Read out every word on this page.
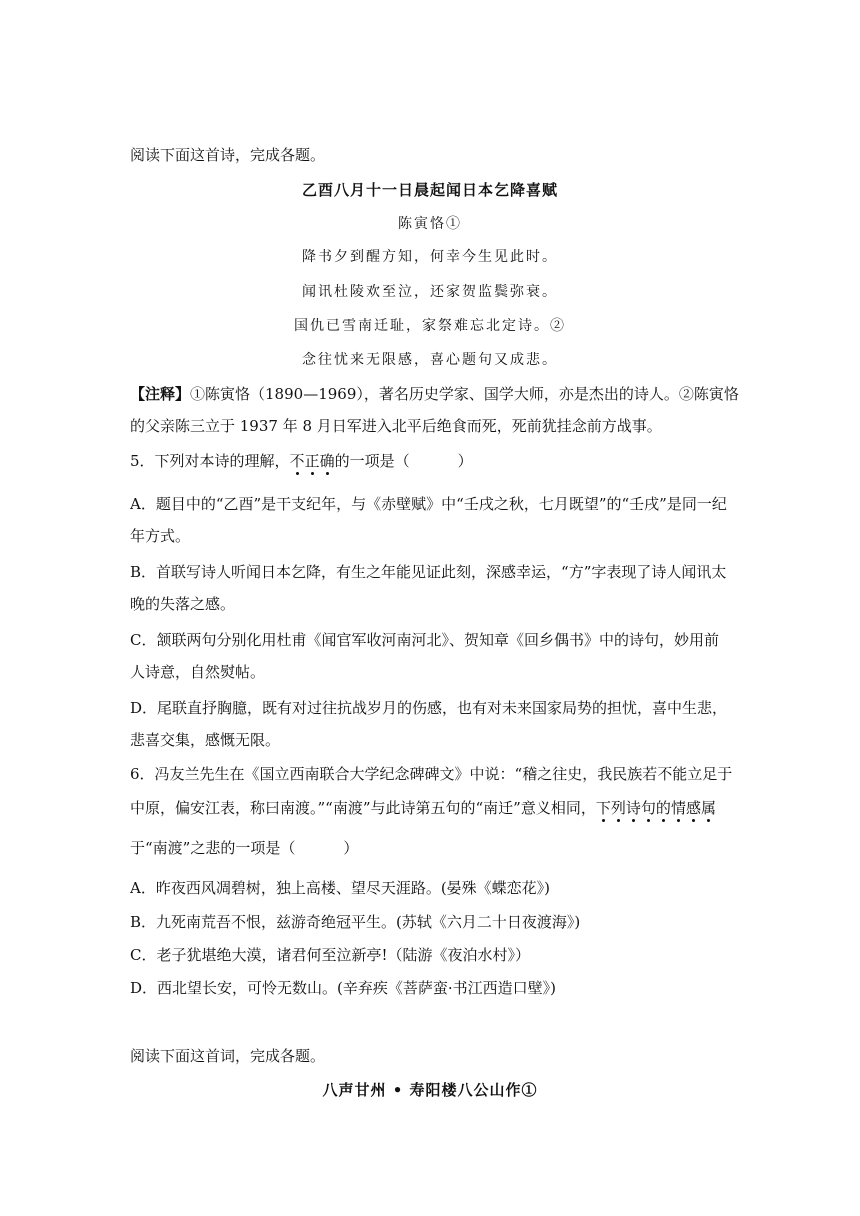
阅读下面这首诗，完成各题。
乙酉八月十一日晨起闻日本乞降喜赋
陈寅恪①
降书夕到醒方知，何幸今生见此时。
闻讯杜陵欢至泣，还家贺监鬓弥衰。
国仇已雪南迁耻，家祭难忘北定诗。②
念往忧来无限感，喜心题句又成悲。
【注释】①陈寅恪（1890—1969），著名历史学家、国学大师，亦是杰出的诗人。②陈寅恪
的父亲陈三立于 1937 年 8 月日军进入北平后绝食而死，死前犹挂念前方战事。
5．下列对本诗的理解，不正确的一项是（	）
A．题目中的“乙酉”是干支纪年，与《赤壁赋》中“壬戌之秋，七月既望”的“壬戌”是同一纪
年方式。
B．首联写诗人听闻日本乞降，有生之年能见证此刻，深感幸运，“方”字表现了诗人闻讯太
晚的失落之感。
C．颔联两句分别化用杜甫《闻官军收河南河北》、贺知章《回乡偶书》中的诗句，妙用前
人诗意，自然熨帖。
D．尾联直抒胸臆，既有对过往抗战岁月的伤感，也有对未来国家局势的担忧，喜中生悲，
悲喜交集，感慨无限。
6．冯友兰先生在《国立西南联合大学纪念碑碑文》中说：“稽之往史，我民族若不能立足于
中原，偏安江表，称曰南渡。”“南渡”与此诗第五句的“南迁”意义相同，下列诗句的情感属
于“南渡”之悲的一项是（	）
A．昨夜西风凋碧树，独上高楼、望尽天涯路。(晏殊《蝶恋花》)
B．九死南荒吾不恨，兹游奇绝冠平生。(苏轼《六月二十日夜渡海》)
C．老子犹堪绝大漠，诸君何至泣新亭!（陆游《夜泊水村》）
D．西北望长安，可怜无数山。(辛弃疾《菩萨蛮·书江西造口壁》)
阅读下面这首词，完成各题。
八声甘州 • 寿阳楼八公山作①
